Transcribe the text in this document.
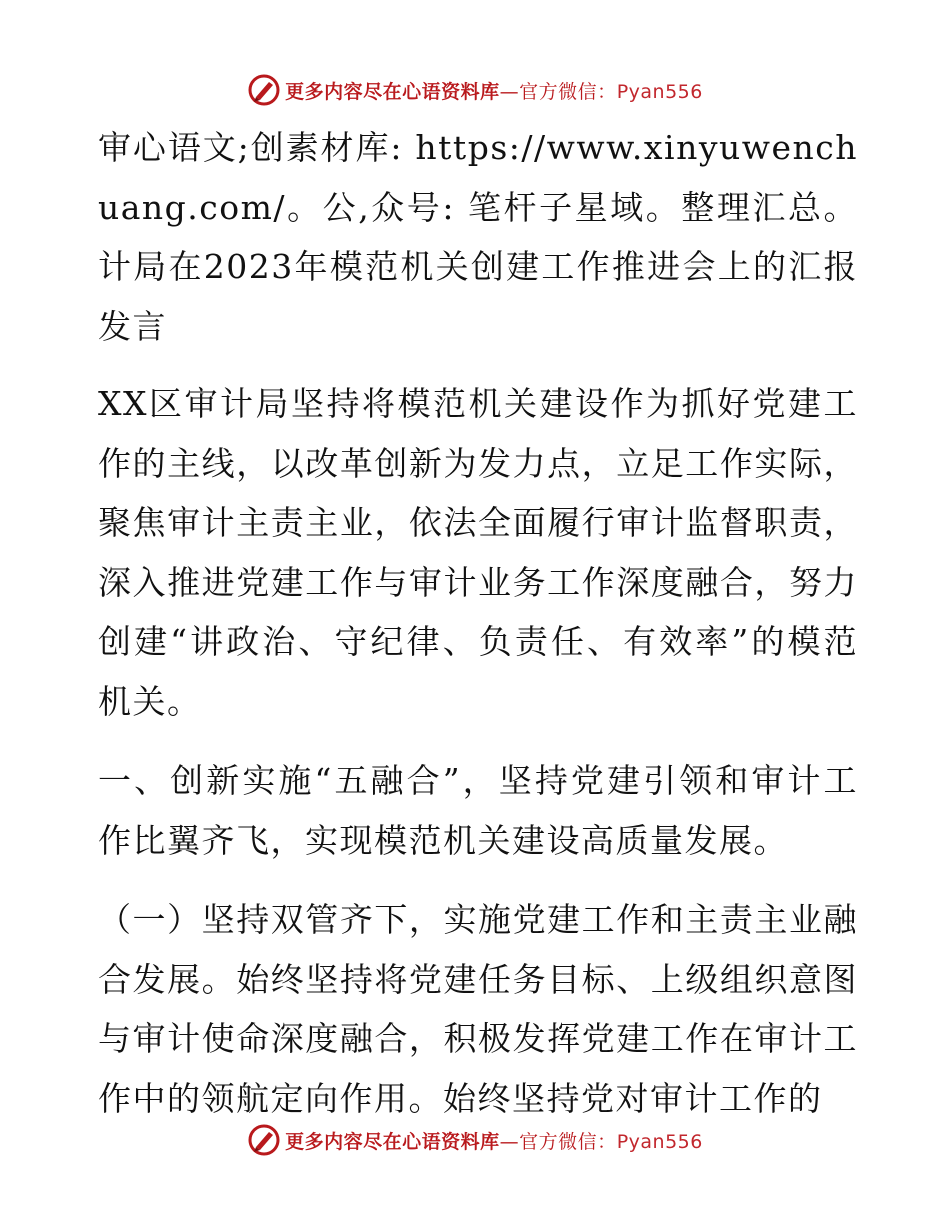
更多内容尽在心语资料库—官方微信：Pyan556

审心语文;创素材库: https://www.xinyuwenchuang.com/。公,众号: 笔杆子星域。整理汇总。计局在2023年模范机关创建工作推进会上的汇报发言

XX区审计局坚持将模范机关建设作为抓好党建工作的主线，以改革创新为发力点，立足工作实际，聚焦审计主责主业，依法全面履行审计监督职责，深入推进党建工作与审计业务工作深度融合，努力创建“讲政治、守纪律、负责任、有效率”的模范机关。

一、创新实施“五融合”，坚持党建引领和审计工作比翼齐飞，实现模范机关建设高质量发展。

（一）坚持双管齐下，实施党建工作和主责主业融合发展。始终坚持将党建任务目标、上级组织意图与审计使命深度融合，积极发挥党建工作在审计工作中的领航定向作用。始终坚持党对审计工作的

更多内容尽在心语资料库—官方微信：Pyan556
